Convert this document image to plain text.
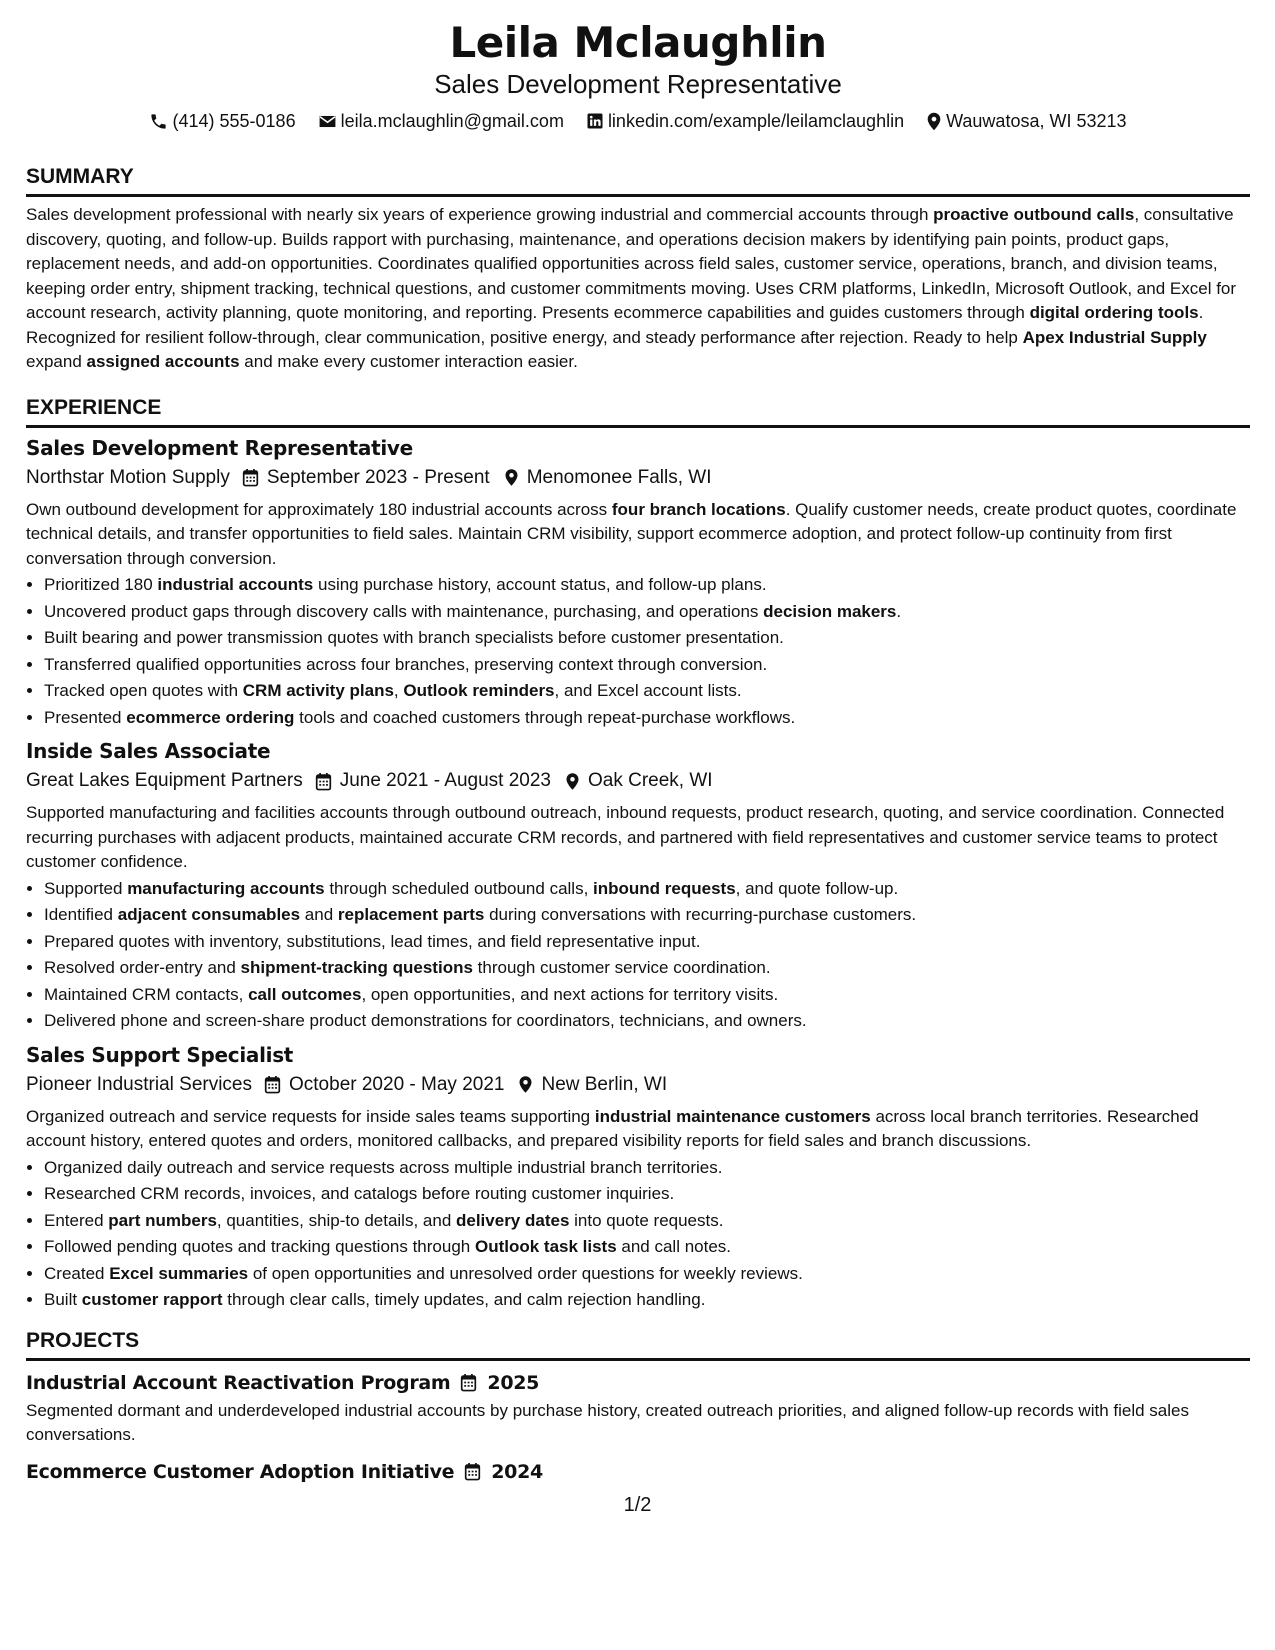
Leila Mclaughlin
Sales Development Representative
(414) 555-0186	leila.mclaughlin@gmail.com linkedin.com/example/leilamclaughlin Wauwatosa, WI 53213
SUMMARY

Sales development professional with nearly six years of experience growing industrial and commercial accounts through proactive outbound calls, consultative discovery, quoting, and follow-up. Builds rapport with purchasing, maintenance, and operations decision makers by identifying pain points, product gaps, replacement needs, and add-on opportunities. Coordinates qualified opportunities across field sales, customer service, operations, branch, and division teams, keeping order entry, shipment tracking, technical questions, and customer commitments moving. Uses CRM platforms, LinkedIn, Microsoft Outlook, and Excel for account research, activity planning, quote monitoring, and reporting. Presents ecommerce capabilities and guides customers through digital ordering tools. Recognized for resilient follow-through, clear communication, positive energy, and steady performance after rejection. Ready to help Apex Industrial Supply expand assigned accounts and make every customer interaction easier.

EXPERIENCE
Sales Development Representative
Northstar Motion Supply September 2023 - Present Menomonee Falls, WI

Own outbound development for approximately 180 industrial accounts across four branch locations. Qualify customer needs, create product quotes, coordinate technical details, and transfer opportunities to field sales. Maintain CRM visibility, support ecommerce adoption, and protect follow-up continuity from first conversation through conversion.

• Prioritized 180 industrial accounts using purchase history, account status, and follow-up plans.
• Uncovered product gaps through discovery calls with maintenance, purchasing, and operations decision makers.
• Built bearing and power transmission quotes with branch specialists before customer presentation.
• Transferred qualified opportunities across four branches, preserving context through conversion.
• Tracked open quotes with CRM activity plans, Outlook reminders, and Excel account lists.
• Presented ecommerce ordering tools and coached customers through repeat-purchase workflows.
Inside Sales Associate
Great Lakes Equipment Partners June 2021 - August 2023 Oak Creek, WI

Supported manufacturing and facilities accounts through outbound outreach, inbound requests, product research, quoting, and service coordination. Connected recurring purchases with adjacent products, maintained accurate CRM records, and partnered with field representatives and customer service teams to protect customer confidence.

• Supported manufacturing accounts through scheduled outbound calls, inbound requests, and quote follow-up.
• Identified adjacent consumables and replacement parts during conversations with recurring-purchase customers.
• Prepared quotes with inventory, substitutions, lead times, and field representative input.
• Resolved order-entry and shipment-tracking questions through customer service coordination.
• Maintained CRM contacts, call outcomes, open opportunities, and next actions for territory visits.
• Delivered phone and screen-share product demonstrations for coordinators, technicians, and owners.
Sales Support Specialist
Pioneer Industrial Services October 2020 - May 2021 New Berlin, WI

Organized outreach and service requests for inside sales teams supporting industrial maintenance customers across local branch territories. Researched account history, entered quotes and orders, monitored callbacks, and prepared visibility reports for field sales and branch discussions.

• Organized daily outreach and service requests across multiple industrial branch territories.
• Researched CRM records, invoices, and catalogs before routing customer inquiries.
• Entered part numbers, quantities, ship-to details, and delivery dates into quote requests.
• Followed pending quotes and tracking questions through Outlook task lists and call notes.
• Created Excel summaries of open opportunities and unresolved order questions for weekly reviews.
• Built customer rapport through clear calls, timely updates, and calm rejection handling.
PROJECTS
Industrial Account Reactivation Program 2025

Segmented dormant and underdeveloped industrial accounts by purchase history, created outreach priorities, and aligned follow-up records with field sales conversations.

Ecommerce Customer Adoption Initiative 2024
1/2
